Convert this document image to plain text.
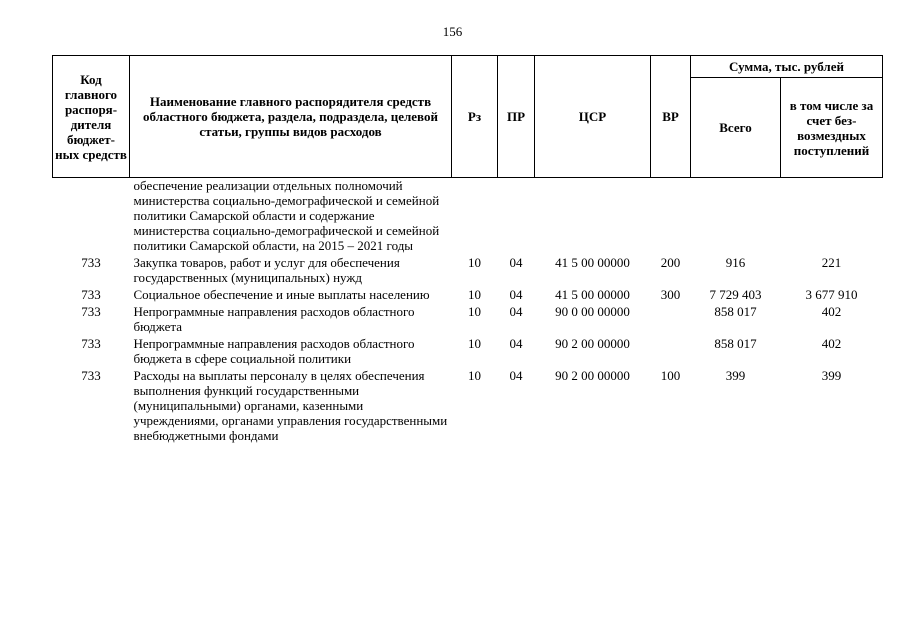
156
Код главного распоря-дителя бюджет-ных средств	Наименование главного распорядителя средств областного бюджета, раздела, подраздела, целевой статьи, группы видов расходов	Рз	ПР	ЦСР	ВР	Сумма, тыс. рублей	
						Всего	в том числе за счет без-возмездных поступлений
	обеспечение реализации отдельных полномочий министерства социально-демографической и семейной политики Самарской области и содержание министерства социально-демографической и семейной политики Самарской области, на 2015 – 2021 годы						
733	Закупка товаров, работ и услуг для обеспечения государственных (муниципальных) нужд	10	04	41 5 00 00000	200	916	221
733	Социальное обеспечение и иные выплаты населению	10	04	41 5 00 00000	300	7 729 403	3 677 910
733	Непрограммные направления расходов областного бюджета	10	04	90 0 00 00000		858 017	402
733	Непрограммные направления расходов областного бюджета в сфере социальной политики	10	04	90 2 00 00000		858 017	402
733	Расходы на выплаты персоналу в целях обеспечения выполнения функций государственными (муниципальными) органами, казенными учреждениями, органами управления государственными внебюджетными фондами	10	04	90 2 00 00000	100	399	399
